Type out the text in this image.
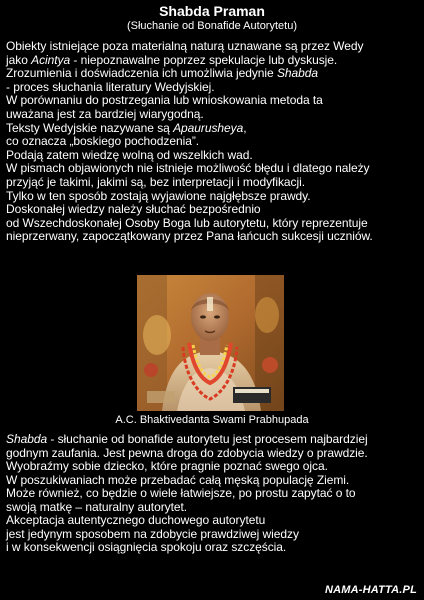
Shabda Praman
(Słuchanie od Bonafide Autorytetu)
Obiekty istniejące poza materialną naturą uznawane są przez Wedy
jako Acintya - niepoznawalne poprzez spekulacje lub dyskusje.
Zrozumienia i doświadczenia ich umożliwia jedynie Shabda
- proces słuchania literatury Wedyjskiej.
W porównaniu do postrzegania lub wnioskowania metoda ta
uważana jest za bardziej wiarygodną.
Teksty Wedyjskie nazywane są Apaurusheya,
co oznacza „boskiego pochodzenia”.
Podają zatem wiedzę wolną od wszelkich wad.
W pismach objawionych nie istnieje możliwość błędu i dlatego należy
przyjąć je takimi, jakimi są, bez interpretacji i modyfikacji.
Tylko w ten sposób zostają wyjawione najgłębsze prawdy.
Doskonałej wiedzy należy słuchać bezpośrednio
od Wszechdoskonałej Osoby Boga lub autorytetu, który reprezentuje
nieprzerwany, zapoczątkowany przez Pana łańcuch sukcesji uczniów.
A.C. Bhaktivedanta Swami Prabhupada
Shabda - słuchanie od bonafide autorytetu jest procesem najbardziej
godnym zaufania. Jest pewna droga do zdobycia wiedzy o prawdzie.
Wyobraźmy sobie dziecko, które pragnie poznać swego ojca.
W poszukiwaniach może przebadać całą męską populację Ziemi.
Może również, co będzie o wiele łatwiejsze, po prostu zapytać o to
swoją matkę – naturalny autorytet.
Akceptacja autentycznego duchowego autorytetu
jest jedynym sposobem na zdobycie prawdziwej wiedzy
i w konsekwencji osiągnięcia spokoju oraz szczęścia.
NAMA-HATTA.PL
